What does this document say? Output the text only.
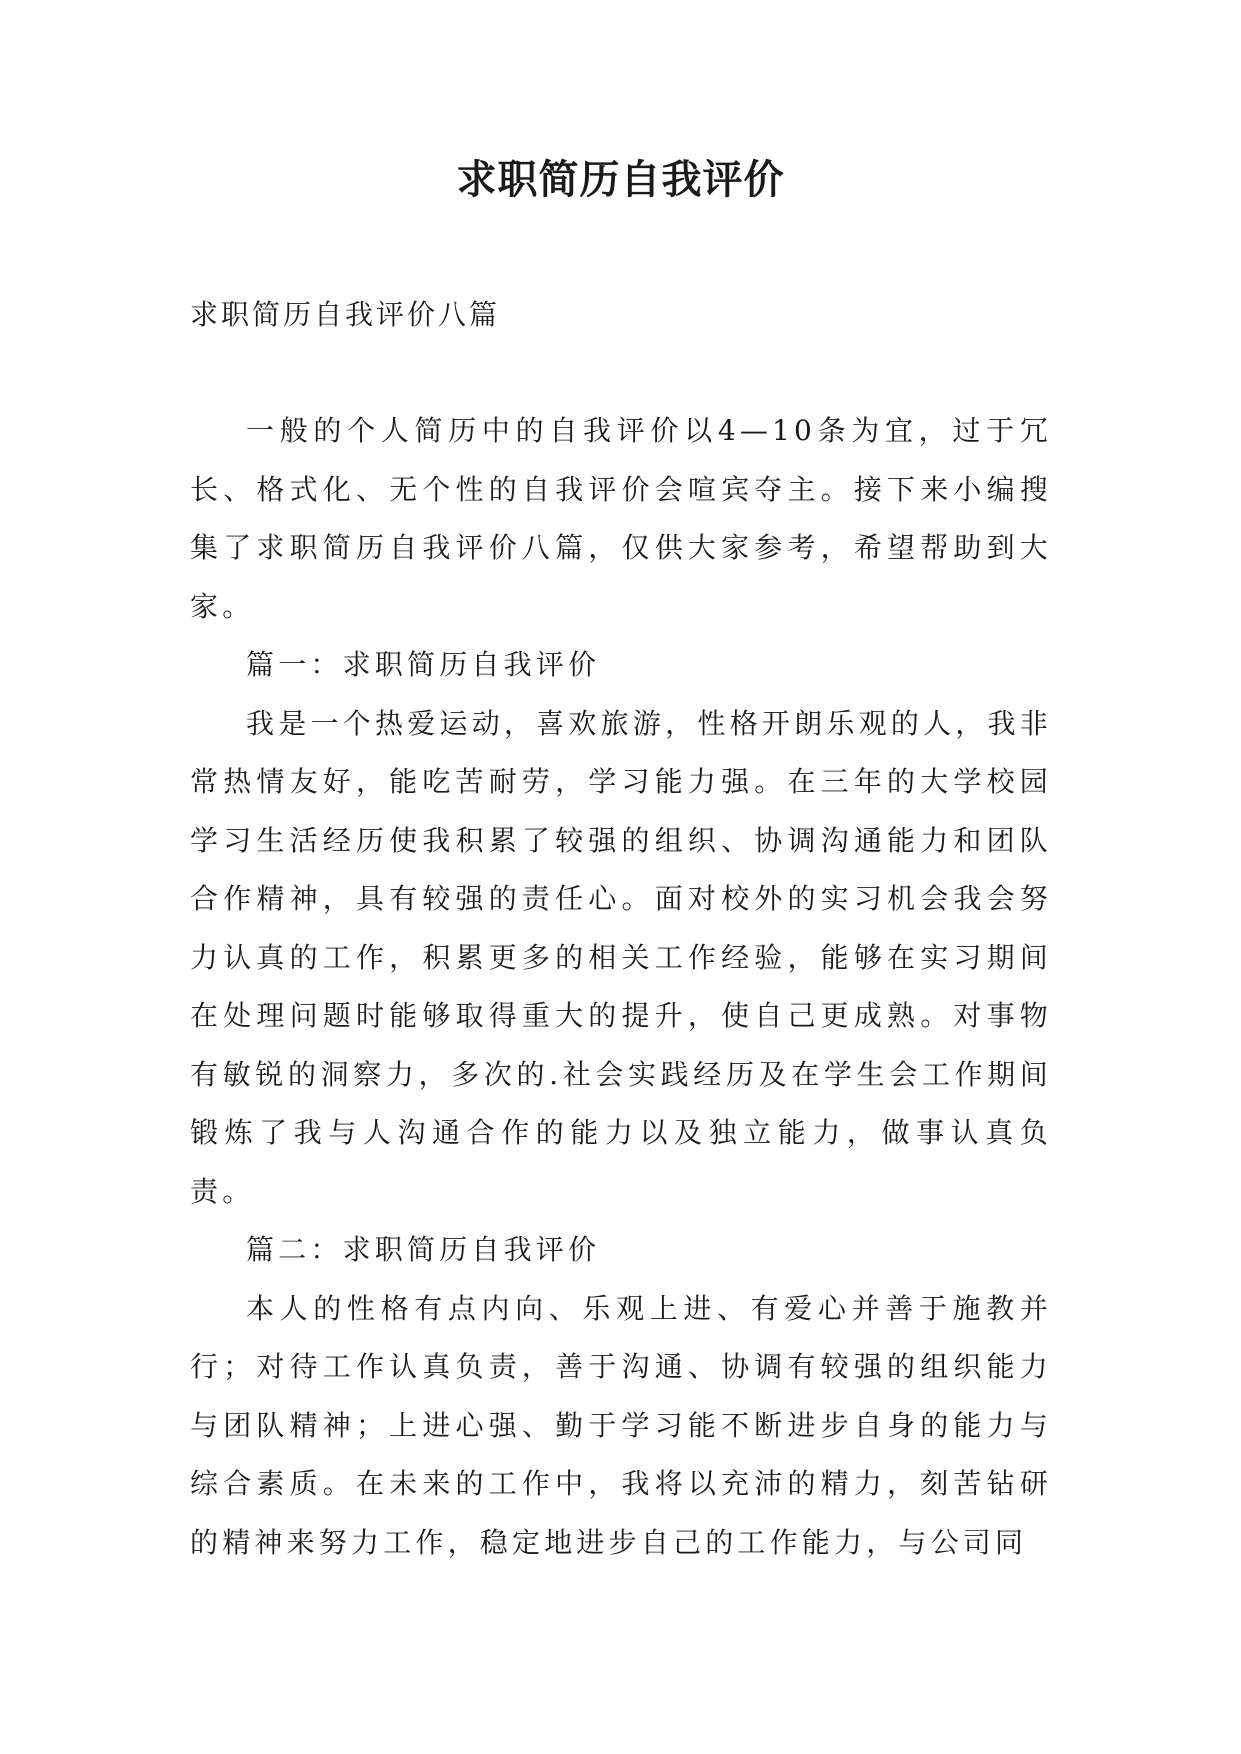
求职简历自我评价
求职简历自我评价八篇

一般的个人简历中的自我评价以4—10条为宜，过于冗长、格式化、无个性的自我评价会喧宾夺主。接下来小编搜集了求职简历自我评价八篇，仅供大家参考，希望帮助到大家。

篇一：求职简历自我评价

我是一个热爱运动，喜欢旅游，性格开朗乐观的人，我非常热情友好，能吃苦耐劳，学习能力强。在三年的大学校园学习生活经历使我积累了较强的组织、协调沟通能力和团队合作精神，具有较强的责任心。面对校外的实习机会我会努力认真的工作，积累更多的相关工作经验，能够在实习期间在处理问题时能够取得重大的提升，使自己更成熟。对事物有敏锐的洞察力，多次的.社会实践经历及在学生会工作期间锻炼了我与人沟通合作的能力以及独立能力，做事认真负责。

篇二：求职简历自我评价

本人的性格有点内向、乐观上进、有爱心并善于施教并行；对待工作认真负责，善于沟通、协调有较强的组织能力与团队精神；上进心强、勤于学习能不断进步自身的能力与综合素质。在未来的工作中，我将以充沛的精力，刻苦钻研的精神来努力工作，稳定地进步自己的工作能力，与公司同
